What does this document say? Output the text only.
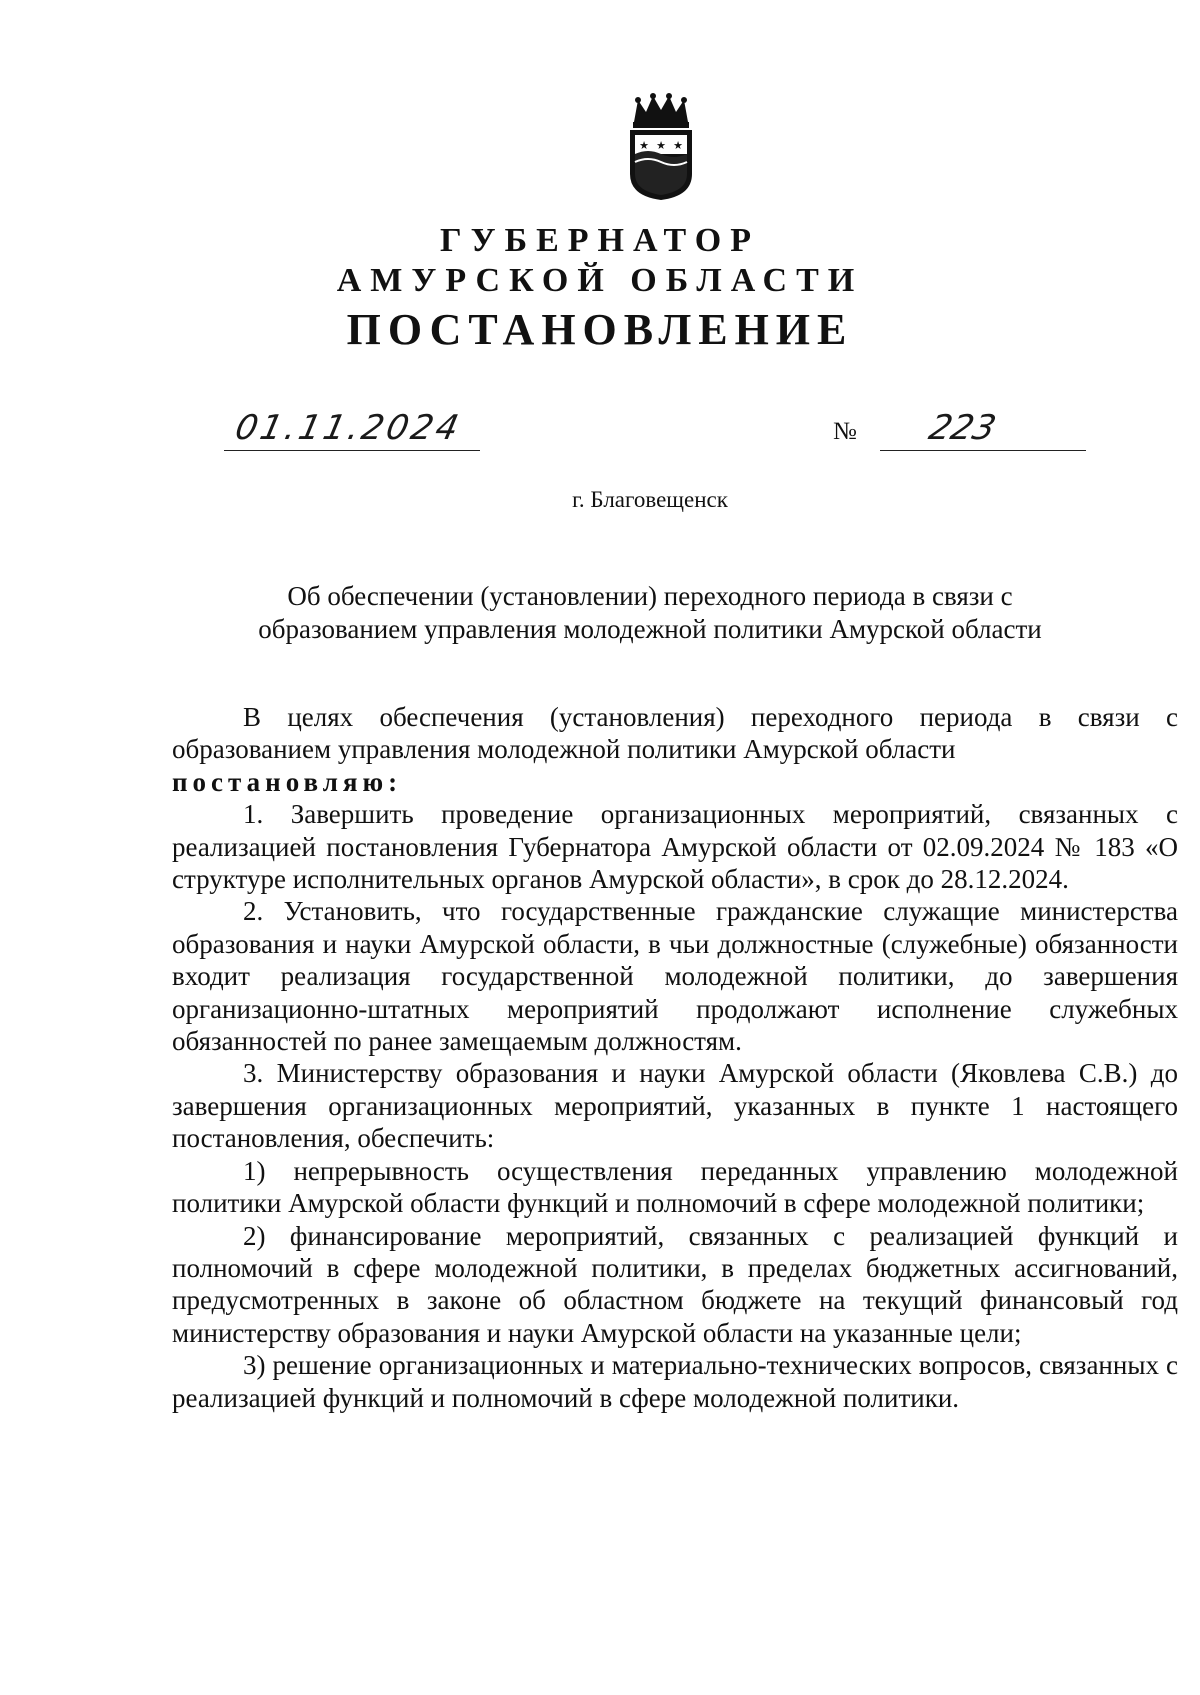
★ ★ ★
ГУБЕРНАТОР
АМУРСКОЙ ОБЛАСТИ
ПОСТАНОВЛЕНИЕ
01.11.2024	№ 223
г. Благовещенск
Об обеспечении (установлении) переходного периода в связи с
образованием управления молодежной политики Амурской области

В целях обеспечения (установления) переходного периода в связи с образованием управления молодежной политики Амурской области

постановляю:

1. Завершить проведение организационных мероприятий, связанных с реализацией постановления Губернатора Амурской области от 02.09.2024 № 183 «О структуре исполнительных органов Амурской области», в срок до 28.12.2024.

2. Установить, что государственные гражданские служащие министерства образования и науки Амурской области, в чьи должностные (служебные) обязанности входит реализация государственной молодежной политики, до завершения организационно-штатных мероприятий продолжают исполнение служебных обязанностей по ранее замещаемым должностям.

3. Министерству образования и науки Амурской области (Яковлева С.В.) до завершения организационных мероприятий, указанных в пункте 1 настоящего постановления, обеспечить:

1) непрерывность осуществления переданных управлению молодежной политики Амурской области функций и полномочий в сфере молодежной политики;

2) финансирование мероприятий, связанных с реализацией функций и полномочий в сфере молодежной политики, в пределах бюджетных ассигнований, предусмотренных в законе об областном бюджете на текущий финансовый год министерству образования и науки Амурской области на указанные цели;

3) решение организационных и материально-технических вопросов, связанных с реализацией функций и полномочий в сфере молодежной политики.
